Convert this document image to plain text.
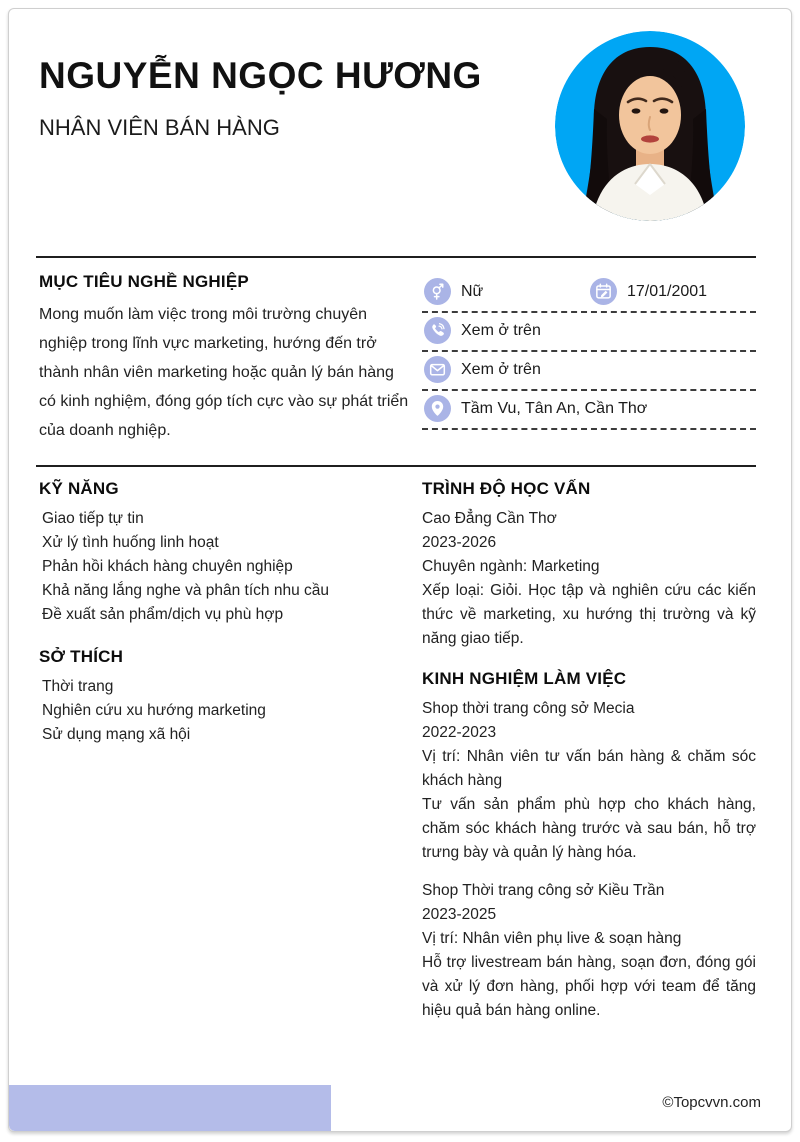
NGUYỄN NGỌC HƯƠNG
NHÂN VIÊN BÁN HÀNG
MỤC TIÊU NGHỀ NGHIỆP

Mong muốn làm việc trong môi trường chuyên nghiệp trong lĩnh vực marketing, hướng đến trở thành nhân viên marketing hoặc quản lý bán hàng có kinh nghiệm, đóng góp tích cực vào sự phát triển của doanh nghiệp.

Nữ	17/01/2001
Xem ở trên
Xem ở trên
Tầm Vu, Tân An, Cần Thơ
KỸ NĂNG
Giao tiếp tự tin
Xử lý tình huống linh hoạt
Phản hồi khách hàng chuyên nghiệp
Khả năng lắng nghe và phân tích nhu cầu
Đề xuất sản phẩm/dịch vụ phù hợp
SỞ THÍCH
Thời trang
Nghiên cứu xu hướng marketing
Sử dụng mạng xã hội
TRÌNH ĐỘ HỌC VẤN
Cao Đẳng Cần Thơ
2023-2026
Chuyên ngành: Marketing
Xếp loại: Giỏi. Học tập và nghiên cứu các kiến thức về marketing, xu hướng thị trường và kỹ năng giao tiếp.
KINH NGHIỆM LÀM VIỆC
Shop thời trang công sở Mecia
2022-2023
Vị trí: Nhân viên tư vấn bán hàng & chăm sóc khách hàng
Tư vấn sản phẩm phù hợp cho khách hàng, chăm sóc khách hàng trước và sau bán, hỗ trợ trưng bày và quản lý hàng hóa.
Shop Thời trang công sở Kiều Trần
2023-2025
Vị trí: Nhân viên phụ live & soạn hàng
Hỗ trợ livestream bán hàng, soạn đơn, đóng gói và xử lý đơn hàng, phối hợp với team để tăng hiệu quả bán hàng online.
©Topcvvn.com
